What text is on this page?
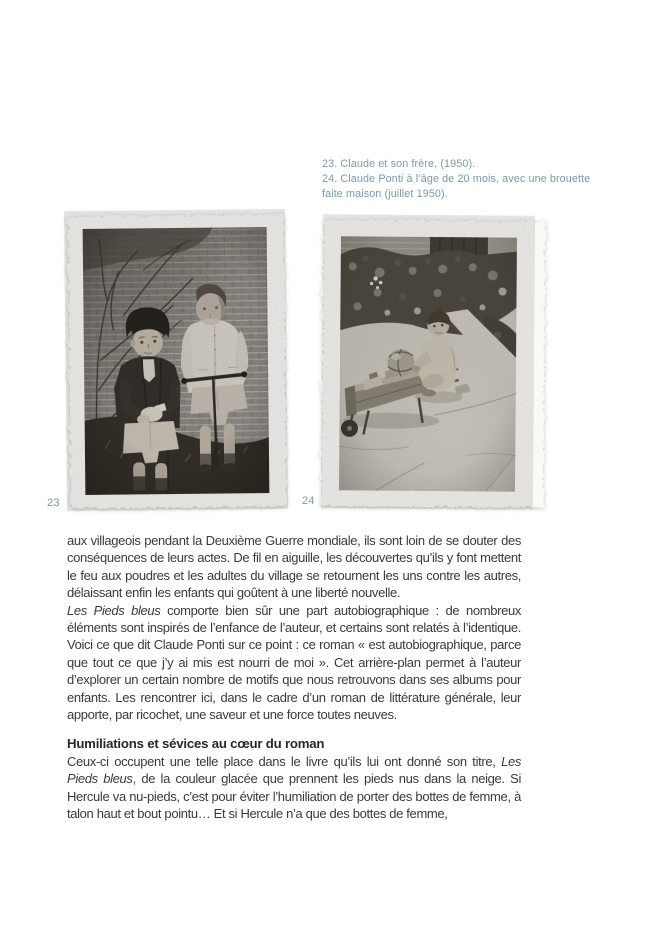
23. Claude et son frère, (1950).
24. Claude Ponti à l’âge de 20 mois, avec une brouette
faite maison (juillet 1950).
23	24

aux villageois pendant la Deuxième Guerre mondiale, ils sont loin de se douter des conséquences de leurs actes. De fil en aiguille, les découvertes qu’ils y font mettent le feu aux poudres et les adultes du village se retournent les uns contre les autres, délaissant enfin les enfants qui goûtent à une liberté nouvelle.

Les Pieds bleus comporte bien sûr une part autobiographique : de nombreux éléments sont inspirés de l’enfance de l’auteur, et certains sont relatés à l’identique. Voici ce que dit Claude Ponti sur ce point : ce roman « est autobiographique, parce que tout ce que j’y ai mis est nourri de moi ». Cet arrière-plan permet à l’auteur d’explorer un certain nombre de motifs que nous retrouvons dans ses albums pour enfants. Les rencontrer ici, dans le cadre d’un roman de littérature générale, leur apporte, par ricochet, une saveur et une force toutes neuves.

Humiliations et sévices au cœur du roman

Ceux-ci occupent une telle place dans le livre qu’ils lui ont donné son titre, Les Pieds bleus, de la couleur glacée que prennent les pieds nus dans la neige. Si Hercule va nu-pieds, c’est pour éviter l’humiliation de porter des bottes de femme, à talon haut et bout pointu… Et si Hercule n’a que des bottes de femme,
